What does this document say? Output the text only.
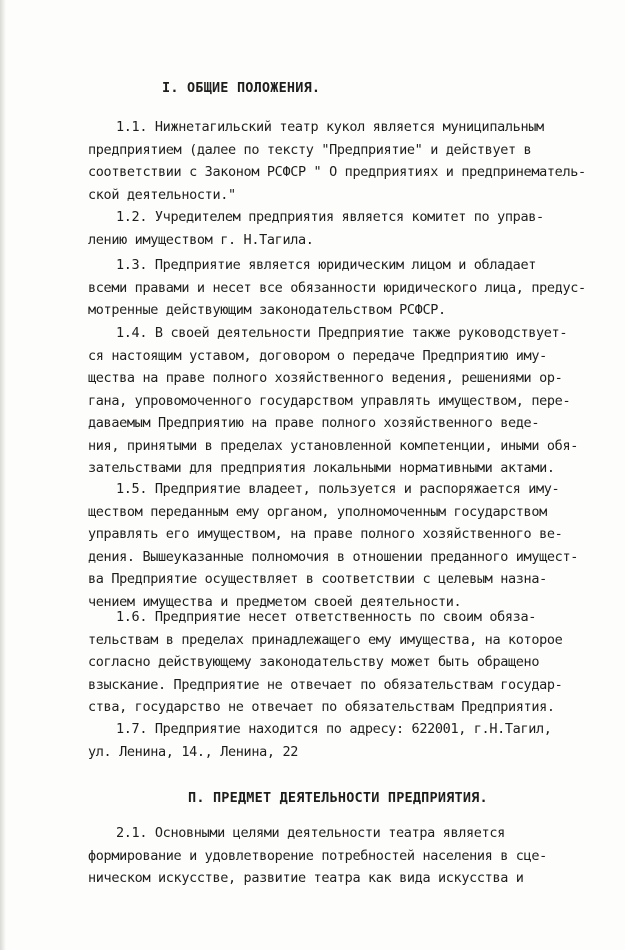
I. ОБЩИЕ ПОЛОЖЕНИЯ.
1.1. Нижнетагильский театр кукол является муниципальным
предприятием (далее по тексту "Предприятие" и действует в
соответствии с Законом РСФСР " О предприятиях и предпринематель-
ской деятельности."
1.2. Учредителем предприятия является комитет по управ-
лению имуществом г. Н.Тагила.
1.3. Предприятие является юридическим лицом и обладает
всеми правами и несет все обязанности юридического лица, предус-
мотренные действующим законодательством РСФСР.
1.4. В своей деятельности Предприятие также руководствует-
ся настоящим уставом, договором о передаче Предприятию иму-
щества на праве полного хозяйственного ведения, решениями ор-
гана, упровомоченного государством управлять имуществом, пере-
даваемым Предприятию на праве полного хозяйственного веде-
ния, принятыми в пределах установленной компетенции, иными обя-
зательствами для предприятия локальными нормативными актами.
1.5. Предприятие владеет, пользуется и распоряжается иму-
ществом переданным ему органом, уполномоченным государством
управлять его имуществом, на праве полного хозяйственного ве-
дения. Вышеуказанные полномочия в отношении преданного имущест-
ва Предприятие осуществляет в соответствии с целевым назна-
чением имущества и предметом своей деятельности.
1.6. Предприятие несет ответственность по своим обяза-
тельствам в пределах принадлежащего ему имущества, на которое
согласно действующему законодательству может быть обращено
взыскание. Предприятие не отвечает по обязательствам государ-
ства, государство не отвечает по обязательствам Предприятия.
1.7. Предприятие находится по адресу: 622001, г.Н.Тагил,
ул. Ленина, 14., Ленина, 22
П. ПРЕДМЕТ ДЕЯТЕЛЬНОСТИ ПРЕДПРИЯТИЯ.
2.1. Основными целями деятельности театра является
формирование и удовлетворение потребностей населения в сце-
ническом искусстве, развитие театра как вида искусства и
